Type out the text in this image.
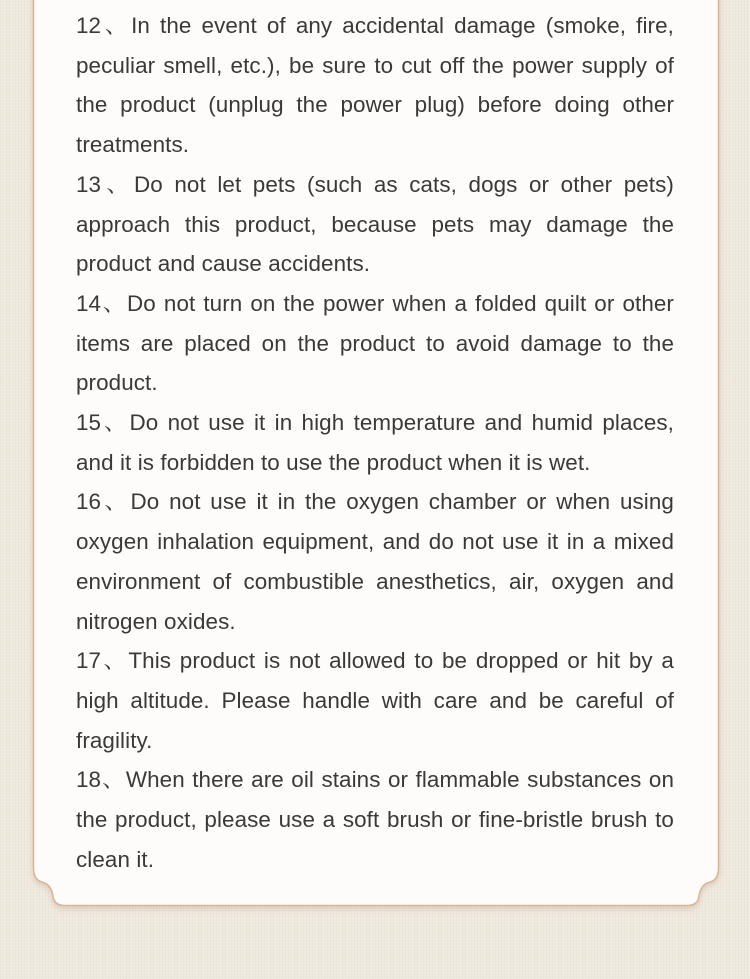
12、In the event of any accidental damage (smoke, fire, peculiar smell, etc.), be sure to cut off the power supply of the product (unplug the power plug) before doing other treatments.
13、Do not let pets (such as cats, dogs or other pets) approach this product, because pets may damage the product and cause accidents.
14、Do not turn on the power when a folded quilt or other items are placed on the product to avoid damage to the product.
15、Do not use it in high temperature and humid places, and it is forbidden to use the product when it is wet.
16、Do not use it in the oxygen chamber or when using oxygen inhalation equipment, and do not use it in a mixed environment of combustible anesthetics, air, oxygen and nitrogen oxides.
17、This product is not allowed to be dropped or hit by a high altitude. Please handle with care and be careful of fragility.
18、When there are oil stains or flammable substances on the product, please use a soft brush or fine-bristle brush to clean it.
